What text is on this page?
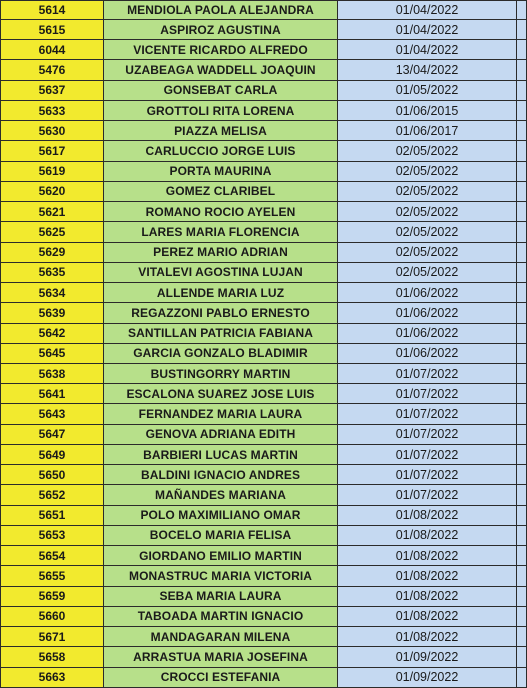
5614	MENDIOLA PAOLA ALEJANDRA	01/04/2022	
5615	ASPIROZ AGUSTINA	01/04/2022	
6044	VICENTE RICARDO ALFREDO	01/04/2022	
5476	UZABEAGA WADDELL JOAQUIN	13/04/2022	
5637	GONSEBAT CARLA	01/05/2022	
5633	GROTTOLI RITA LORENA	01/06/2015	
5630	PIAZZA MELISA	01/06/2017	
5617	CARLUCCIO JORGE LUIS	02/05/2022	
5619	PORTA MAURINA	02/05/2022	
5620	GOMEZ CLARIBEL	02/05/2022	
5621	ROMANO ROCIO AYELEN	02/05/2022	
5625	LARES MARIA FLORENCIA	02/05/2022	
5629	PEREZ MARIO ADRIAN	02/05/2022	
5635	VITALEVI AGOSTINA LUJAN	02/05/2022	
5634	ALLENDE MARIA LUZ	01/06/2022	
5639	REGAZZONI PABLO ERNESTO	01/06/2022	
5642	SANTILLAN PATRICIA FABIANA	01/06/2022	
5645	GARCIA GONZALO BLADIMIR	01/06/2022	
5638	BUSTINGORRY MARTIN	01/07/2022	
5641	ESCALONA SUAREZ JOSE LUIS	01/07/2022	
5643	FERNANDEZ MARIA LAURA	01/07/2022	
5647	GENOVA ADRIANA EDITH	01/07/2022	
5649	BARBIERI LUCAS MARTIN	01/07/2022	
5650	BALDINI IGNACIO ANDRES	01/07/2022	
5652	MAÑANDES MARIANA	01/07/2022	
5651	POLO MAXIMILIANO OMAR	01/08/2022	
5653	BOCELO MARIA FELISA	01/08/2022	
5654	GIORDANO EMILIO MARTIN	01/08/2022	
5655	MONASTRUC MARIA VICTORIA	01/08/2022	
5659	SEBA MARIA LAURA	01/08/2022	
5660	TABOADA MARTIN IGNACIO	01/08/2022	
5671	MANDAGARAN MILENA	01/08/2022	
5658	ARRASTUA MARIA JOSEFINA	01/09/2022	
5663	CROCCI ESTEFANIA	01/09/2022	
